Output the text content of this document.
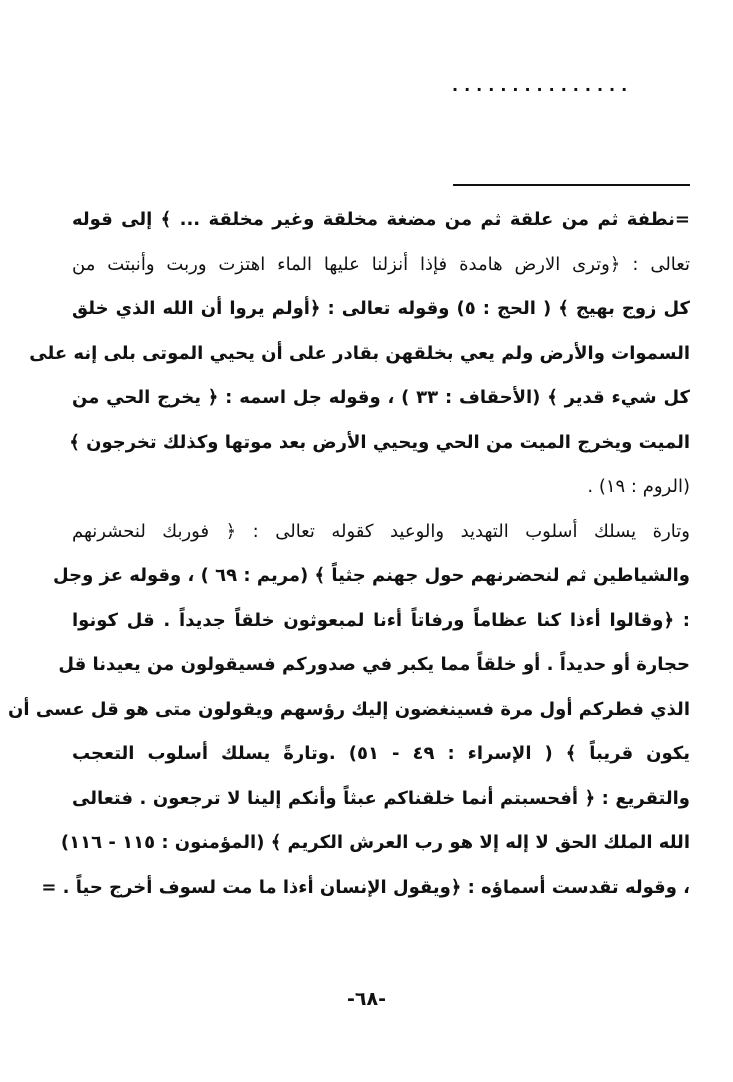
...............
=نطفة ثم من علقة ثم من مضغة مخلقة وغير مخلقة ... ﴾ إلى قوله
تعالى : ﴿وترى الارض هامدة فإذا أنزلنا عليها الماء اهتزت وربت وأنبتت من
كل زوج بهيج ﴾ ( الحج : ٥) وقوله تعالى : ﴿أولم يروا أن الله الذي خلق
السموات والأرض ولم يعي بخلقهن بقادر على أن يحيي الموتى بلى إنه على
كل شيء قدير ﴾ (الأحقاف : ٣٣ ) ، وقوله جل اسمه : ﴿ يخرج الحي من
الميت ويخرج الميت من الحي ويحيي الأرض بعد موتها وكذلك تخرجون ﴾
(الروم : ١٩) .
وتارة يسلك أسلوب التهديد والوعيد كقوله تعالى : ﴿ فوربك لنحشرنهم
والشياطين ثم لنحضرنهم حول جهنم جثياً ﴾ (مريم : ٦٩ ) ، وقوله عز وجل
: ﴿وقالوا أءذا كنا عظاماً ورفاتاً أءنا لمبعوثون خلقاً جديداً . قل كونوا
حجارة أو حديداً . أو خلقاً مما يكبر في صدوركم فسيقولون من يعيدنا قل
الذي فطركم أول مرة فسينغضون إليك رؤسهم ويقولون متى هو قل عسى أن
يكون قريباً ﴾ ( الإسراء : ٤٩ - ٥١) .وتارةً يسلك أسلوب التعجب
والتقريع : ﴿ أفحسبتم أنما خلقناكم عبثاً وأنكم إلينا لا ترجعون . فتعالى
الله الملك الحق لا إله إلا هو رب العرش الكريم ﴾ (المؤمنون : ١١٥ - ١١٦)
، وقوله تقدست أسماؤه : ﴿ويقول الإنسان أءذا ما مت لسوف أخرج حياً . =
-٦٨-
